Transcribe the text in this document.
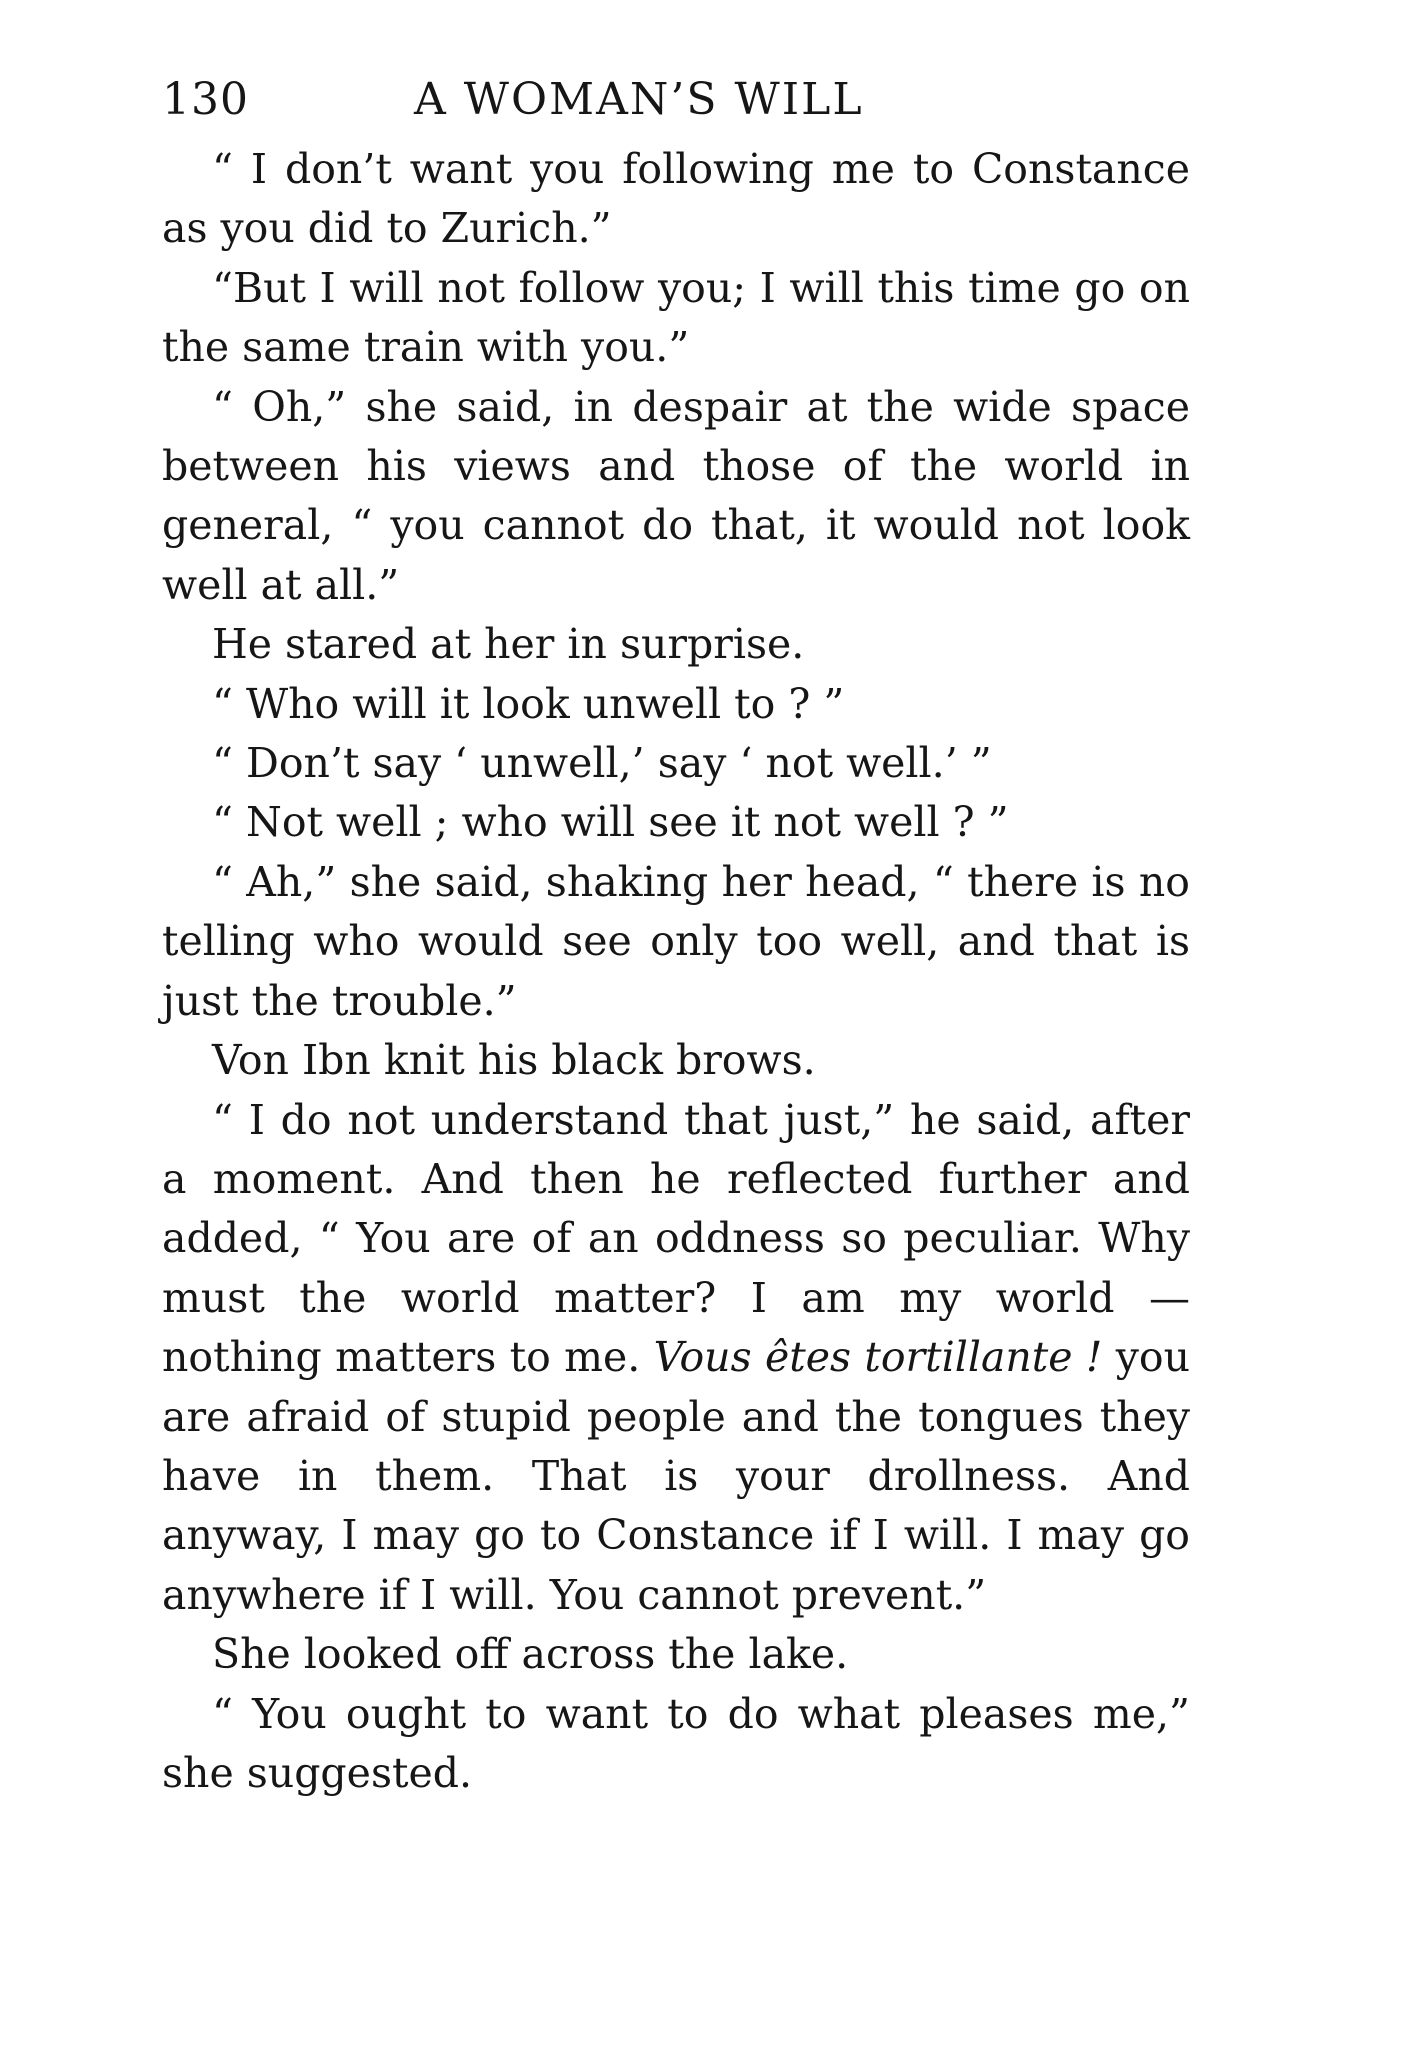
130	A WOMAN’S WILL

“ I don’t want you following me to Constance as you did to Zurich.”

“But I will not follow you; I will this time go on the same train with you.”

“ Oh,” she said, in despair at the wide space between his views and those of the world in general, “ you cannot do that, it would not look well at all.”

He stared at her in surprise.

“ Who will it look unwell to ? ”

“ Don’t say ‘ unwell,’ say ‘ not well.’ ”

“ Not well ; who will see it not well ? ”

“ Ah,” she said, shaking her head, “ there is no telling who would see only too well, and that is just the trouble.”

Von Ibn knit his black brows.

“ I do not understand that just,” he said, after a moment. And then he reflected further and added, “ You are of an oddness so peculiar. Why must the world matter? I am my world — nothing matters to me. Vous êtes tortillante ! you are afraid of stupid people and the tongues they have in them. That is your drollness. And anyway, I may go to Constance if I will. I may go anywhere if I will. You cannot prevent.”

She looked off across the lake.

“ You ought to want to do what pleases me,” she suggested.
